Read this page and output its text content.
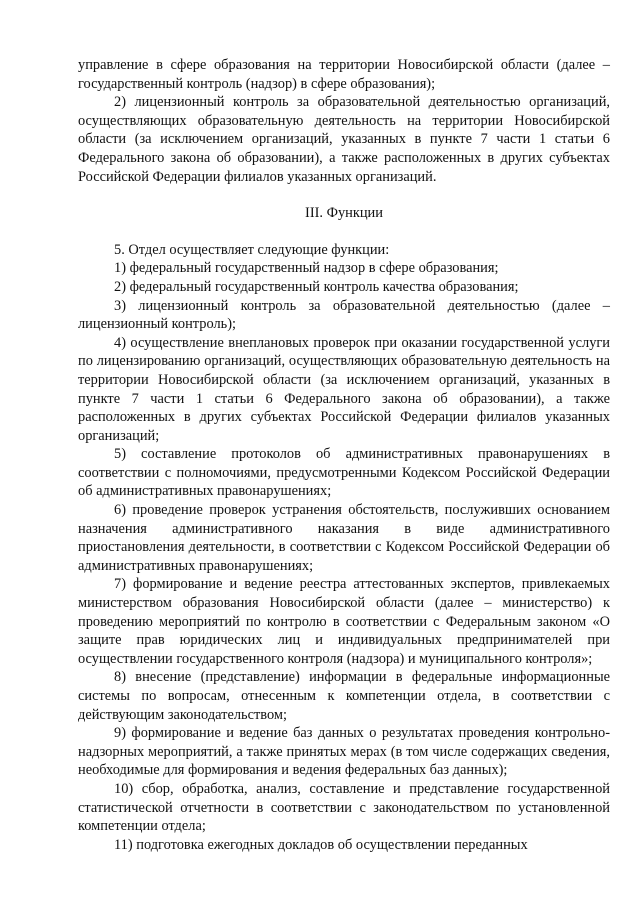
управление в сфере образования на территории Новосибирской области (далее – государственный контроль (надзор) в сфере образования);

2) лицензионный контроль за образовательной деятельностью организаций, осуществляющих образовательную деятельность на территории Новосибирской области (за исключением организаций, указанных в пункте 7 части 1 статьи 6 Федерального закона об образовании), а также расположенных в других субъектах Российской Федерации филиалов указанных организаций.

III. Функции

5. Отдел осуществляет следующие функции:

1) федеральный государственный надзор в сфере образования;

2) федеральный государственный контроль качества образования;

3) лицензионный контроль за образовательной деятельностью (далее – лицензионный контроль);

4) осуществление внеплановых проверок при оказании государственной услуги по лицензированию организаций, осуществляющих образовательную деятельность на территории Новосибирской области (за исключением организаций, указанных в пункте 7 части 1 статьи 6 Федерального закона об образовании), а также расположенных в других субъектах Российской Федерации филиалов указанных организаций;

5) составление протоколов об административных правонарушениях в соответствии с полномочиями, предусмотренными Кодексом Российской Федерации об административных правонарушениях;

6) проведение проверок устранения обстоятельств, послуживших основанием назначения административного наказания в виде административного приостановления деятельности, в соответствии с Кодексом Российской Федерации об административных правонарушениях;

7) формирование и ведение реестра аттестованных экспертов, привлекаемых министерством образования Новосибирской области (далее – министерство) к проведению мероприятий по контролю в соответствии с Федеральным законом «О защите прав юридических лиц и индивидуальных предпринимателей при осуществлении государственного контроля (надзора) и муниципального контроля»;

8) внесение (представление) информации в федеральные информационные системы по вопросам, отнесенным к компетенции отдела, в соответствии с действующим законодательством;

9) формирование и ведение баз данных о результатах проведения контрольно-надзорных мероприятий, а также принятых мерах (в том числе содержащих сведения, необходимые для формирования и ведения федеральных баз данных);

10) сбор, обработка, анализ, составление и представление государственной статистической отчетности в соответствии с законодательством по установленной компетенции отдела;

11) подготовка ежегодных докладов об осуществлении переданных
